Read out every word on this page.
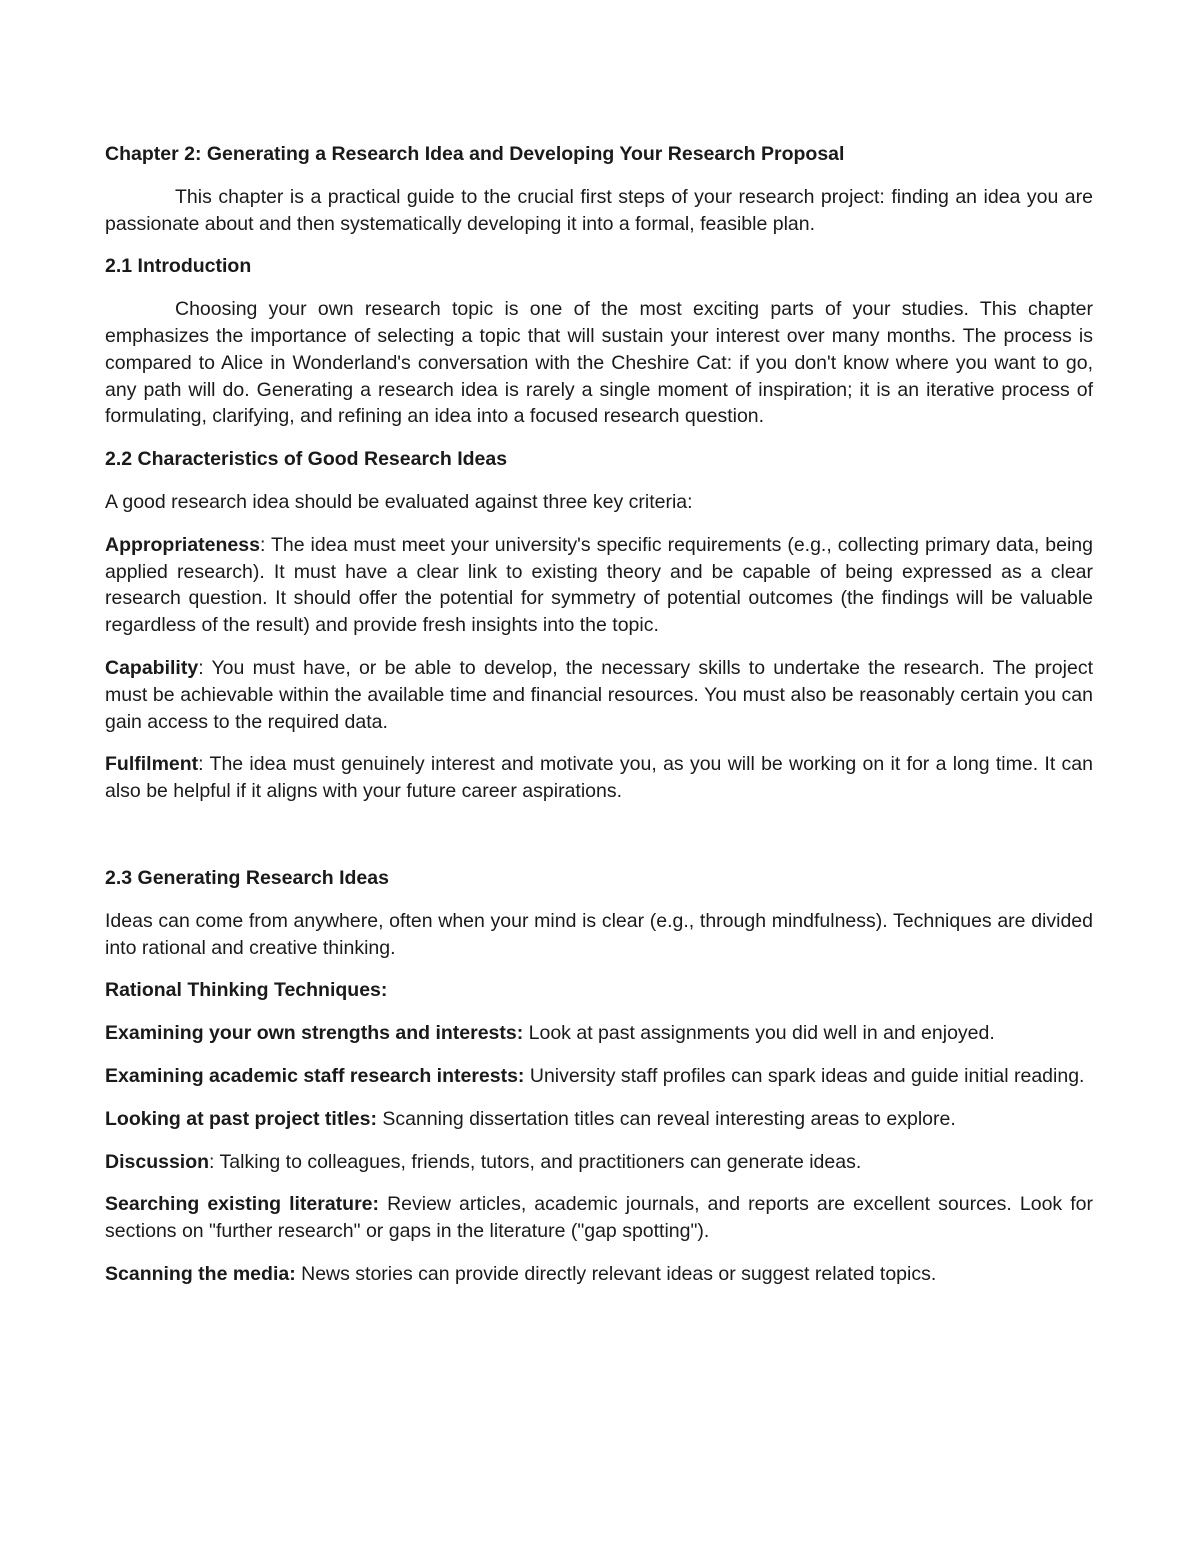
Chapter 2: Generating a Research Idea and Developing Your Research Proposal

This chapter is a practical guide to the crucial first steps of your research project: finding an idea you are passionate about and then systematically developing it into a formal, feasible plan.

2.1 Introduction

Choosing your own research topic is one of the most exciting parts of your studies. This chapter emphasizes the importance of selecting a topic that will sustain your interest over many months. The process is compared to Alice in Wonderland's conversation with the Cheshire Cat: if you don't know where you want to go, any path will do. Generating a research idea is rarely a single moment of inspiration; it is an iterative process of formulating, clarifying, and refining an idea into a focused research question.

2.2 Characteristics of Good Research Ideas

A good research idea should be evaluated against three key criteria:

Appropriateness: The idea must meet your university's specific requirements (e.g., collecting primary data, being applied research). It must have a clear link to existing theory and be capable of being expressed as a clear research question. It should offer the potential for symmetry of potential outcomes (the findings will be valuable regardless of the result) and provide fresh insights into the topic.

Capability: You must have, or be able to develop, the necessary skills to undertake the research. The project must be achievable within the available time and financial resources. You must also be reasonably certain you can gain access to the required data.

Fulfilment: The idea must genuinely interest and motivate you, as you will be working on it for a long time. It can also be helpful if it aligns with your future career aspirations.

2.3 Generating Research Ideas

Ideas can come from anywhere, often when your mind is clear (e.g., through mindfulness). Techniques are divided into rational and creative thinking.

Rational Thinking Techniques:

Examining your own strengths and interests: Look at past assignments you did well in and enjoyed.

Examining academic staff research interests: University staff profiles can spark ideas and guide initial reading.

Looking at past project titles: Scanning dissertation titles can reveal interesting areas to explore.

Discussion: Talking to colleagues, friends, tutors, and practitioners can generate ideas.

Searching existing literature: Review articles, academic journals, and reports are excellent sources. Look for sections on "further research" or gaps in the literature ("gap spotting").

Scanning the media: News stories can provide directly relevant ideas or suggest related topics.
